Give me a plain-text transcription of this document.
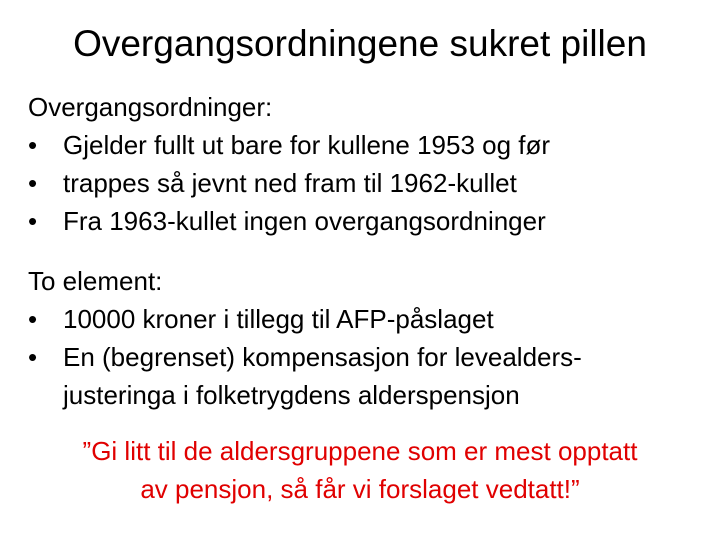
Overgangsordningene sukret pillen
Overgangsordninger:
• Gjelder fullt ut bare for kullene 1953 og før
• trappes så jevnt ned fram til 1962-kullet
• Fra 1963-kullet ingen overgangsordninger
To element:
• 10000 kroner i tillegg til AFP-påslaget
• En (begrenset) kompensasjon for levealders-justeringa i folketrygdens alderspensjon
”Gi litt til de aldersgruppene som er mest opptatt
av pensjon, så får vi forslaget vedtatt!”
